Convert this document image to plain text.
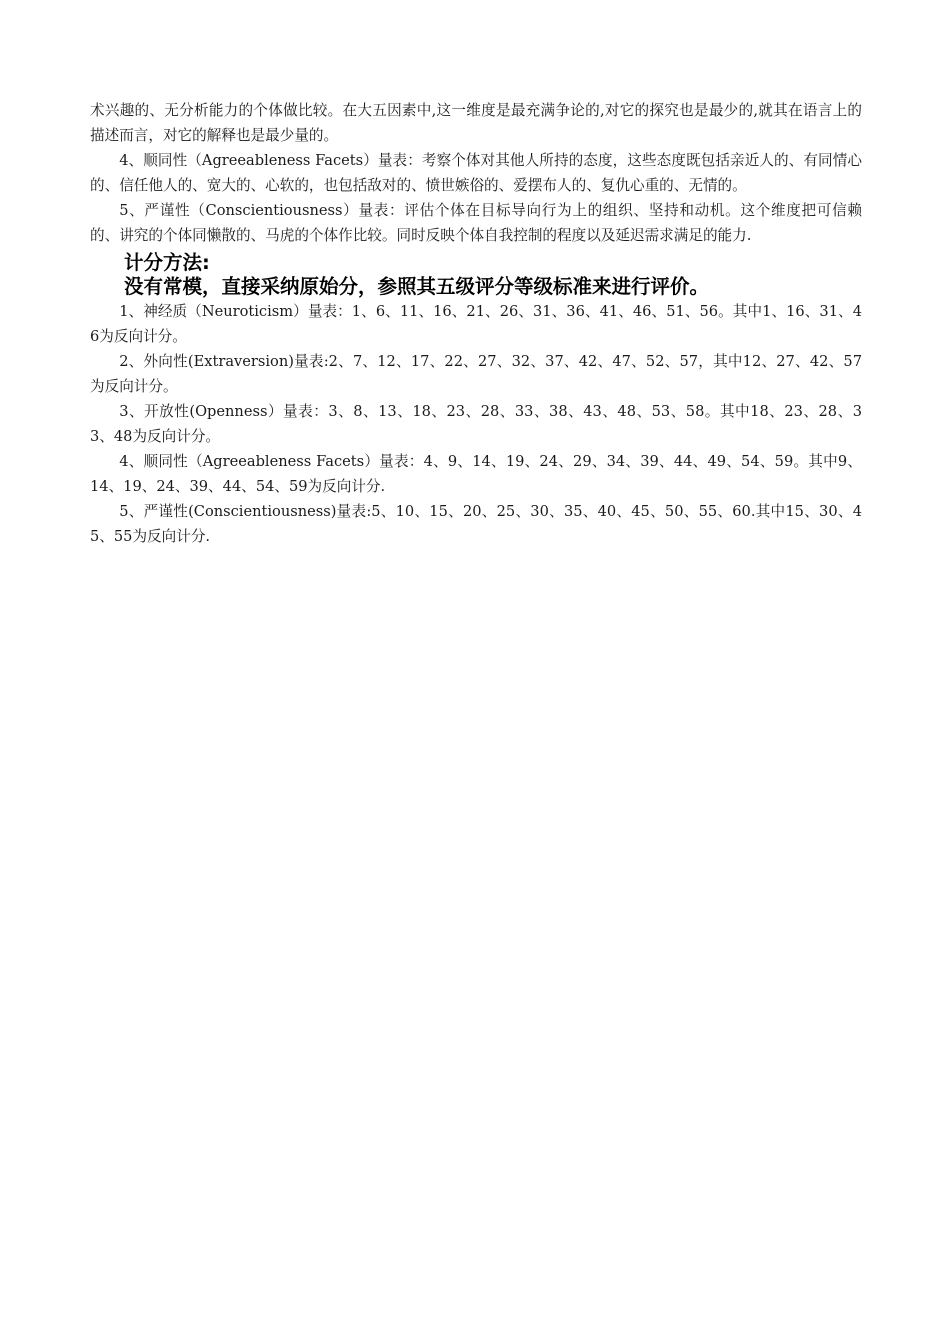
术兴趣的、无分析能力的个体做比较。在大五因素中,这一维度是最充满争论的,对它的探究也是最少的,就其在语言上的描述而言，对它的解释也是最少量的。

4、顺同性（Agreeableness Facets）量表：考察个体对其他人所持的态度，这些态度既包括亲近人的、有同情心的、信任他人的、宽大的、心软的，也包括敌对的、愤世嫉俗的、爱摆布人的、复仇心重的、无情的。

5、严谨性（Conscientiousness）量表：评估个体在目标导向行为上的组织、坚持和动机。这个维度把可信赖的、讲究的个体同懒散的、马虎的个体作比较。同时反映个体自我控制的程度以及延迟需求满足的能力.

计分方法:
没有常模，直接采纳原始分，参照其五级评分等级标准来进行评价。

1、神经质（Neuroticism）量表：1、6、11、16、21、26、31、36、41、46、51、56。其中1、16、31、46为反向计分。

2、外向性(Extraversion)量表:2、7、12、17、22、27、32、37、42、47、52、57，其中12、27、42、57为反向计分。

3、开放性(Openness）量表：3、8、13、18、23、28、33、38、43、48、53、58。其中18、23、28、33、48为反向计分。

4、顺同性（Agreeableness Facets）量表：4、9、14、19、24、29、34、39、44、49、54、59。其中9、14、19、24、39、44、54、59为反向计分.

5、严谨性(Conscientiousness)量表:5、10、15、20、25、30、35、40、45、50、55、60.其中15、30、45、55为反向计分.
